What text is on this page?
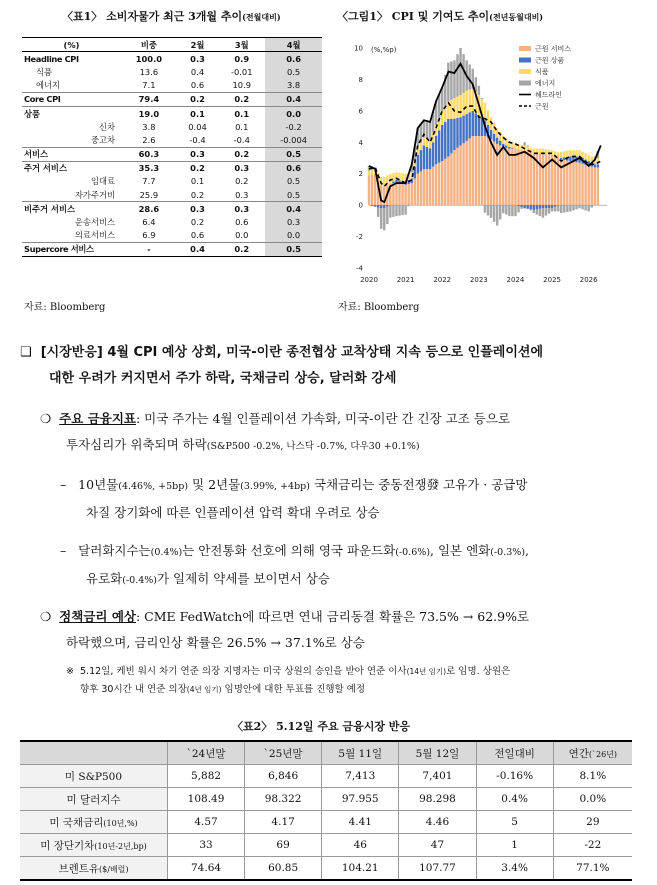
〈표1〉 소비자물가 최근 3개월 추이(전월대비)
(%)	비중	2월	3월	4월
Headline CPI	100.0	0.3	0.9	0.6
식품	13.6	0.4	-0.01	0.5
에너지	7.1	0.6	10.9	3.8
Core CPI	79.4	0.2	0.2	0.4
상품	19.0	0.1	0.1	0.0
신차	3.8	0.04	0.1	-0.2
중고차	2.6	-0.4	-0.4	-0.004
서비스	60.3	0.3	0.2	0.5
주거 서비스	35.3	0.2	0.3	0.6
임대료	7.7	0.1	0.2	0.5
자가주거비	25.9	0.2	0.3	0.5
비주거 서비스	28.6	0.3	0.3	0.4
운송서비스	6.4	0.2	0.6	0.3
의료서비스	6.9	0.6	0.0	0.0
Supercore 서비스	-	0.4	0.2	0.5
자료: Bloomberg
〈그림1〉 CPI 및 기여도 추이(전년동월대비)
-4
-2
0
2
4
6
8
10
2020	2021	2022	2023	2024	2025	2026
(%,%p)	근원 서비스
근원 상품
식품
에너지
헤드라인
근원
자료: Bloomberg
❑ [시장반응] 4월 CPI 예상 상회, 미국-이란 종전협상 교착상태 지속 등으로 인플레이션에
대한 우려가 커지면서 주가 하락, 국채금리 상승, 달러화 강세
❍ 주요 금융지표: 미국 주가는 4월 인플레이션 가속화, 미국-이란 간 긴장 고조 등으로
투자심리가 위축되며 하락(S&P500 -0.2%, 나스닥 -0.7%, 다우30 +0.1%)
– 10년물(4.46%, +5bp) 및 2년물(3.99%, +4bp) 국채금리는 중동전쟁發 고유가 · 공급망
차질 장기화에 따른 인플레이션 압력 확대 우려로 상승
– 달러화지수는(0.4%)는 안전통화 선호에 의해 영국 파운드화(-0.6%), 일본 엔화(-0.3%),
유로화(-0.4%)가 일제히 약세를 보이면서 상승
❍ 정책금리 예상: CME FedWatch에 따르면 연내 금리동결 확률은 73.5% → 62.9%로
하락했으며, 금리인상 확률은 26.5% → 37.1%로 상승
※ 5.12일, 케빈 워시 차기 연준 의장 지명자는 미국 상원의 승인을 받아 연준 이사(14년 임기)로 임명. 상원은
향후 30시간 내 연준 의장(4년 임기) 임명안에 대한 투표를 진행할 예정
〈표2〉 5.12일 주요 금융시장 반응
	`24년말	`25년말	5월 11일	5월 12일	전일대비	연간(`26년)
미 S&P500	5,882	6,846	7,413	7,401	-0.16%	8.1%
미 달러지수	108.49	98.322	97.955	98.298	0.4%	0.0%
미 국채금리(10년,%)	4.57	4.17	4.41	4.46	5	29
미 장단기차(10년-2년,bp)	33	69	46	47	1	-22
브렌트유($/배럴)	74.64	60.85	104.21	107.77	3.4%	77.1%
